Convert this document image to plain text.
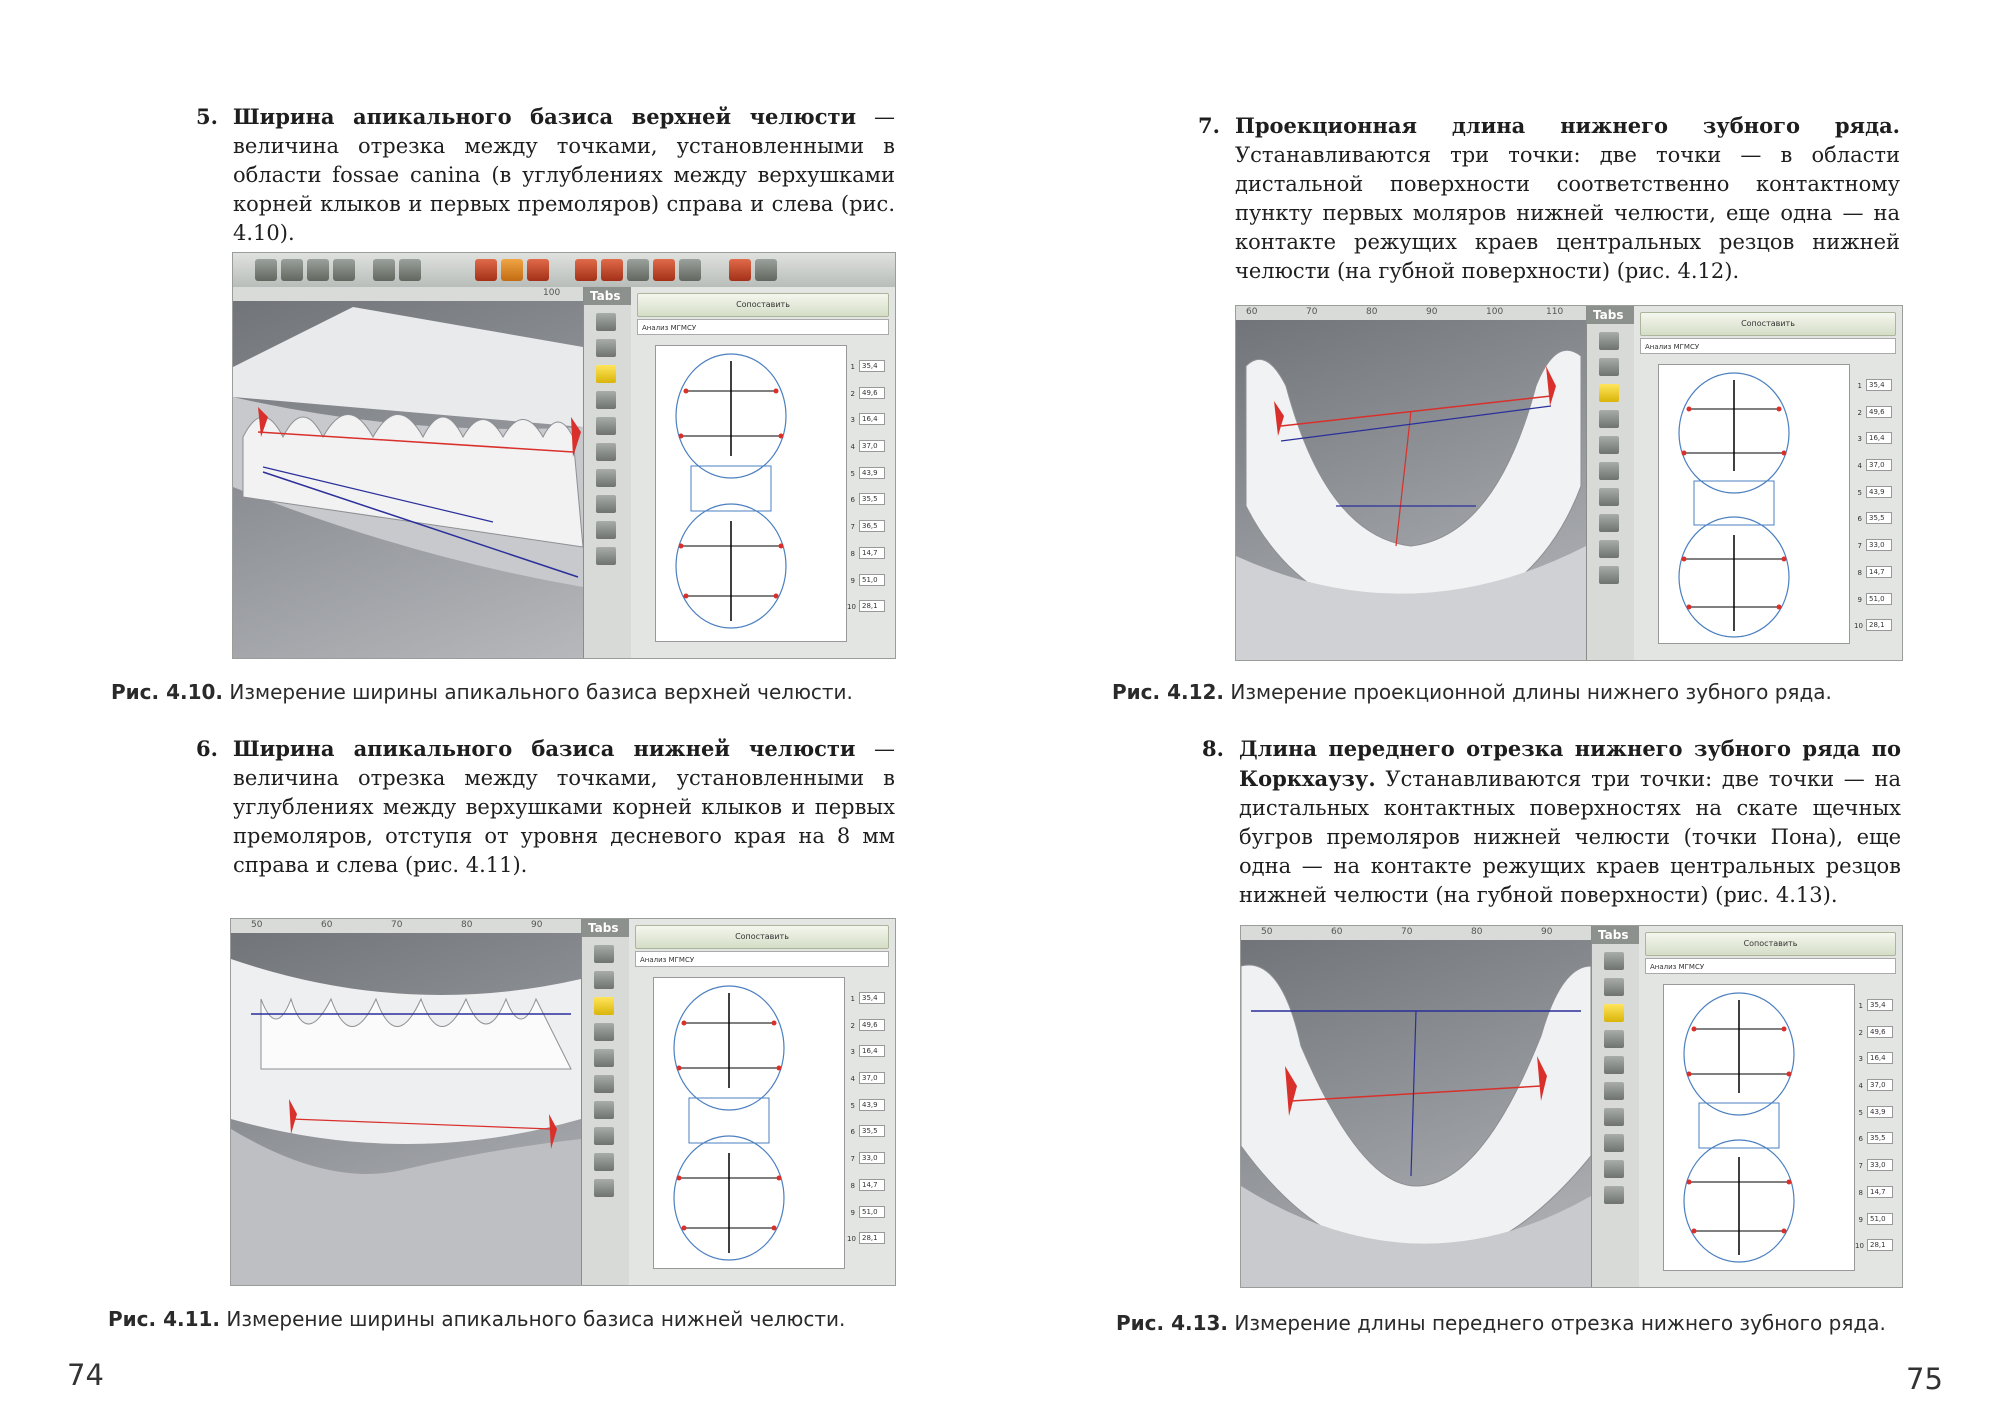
5. Ширина апикального базиса верхней челюсти — величина отрезка между точками, установленными в области fossae canina (в углублениях между верхушками корней клыков и первых премоляров) справа и слева (рис. 4.10).

100 Tabs
Сопоставить
Анализ МГМСУ
1	35,4
2	49,6
3	16,4
4	37,0
5	43,9
6	35,5
7	36,5
8	14,7
9	51,0
10 28,1
Рис. 4.10. Измерение ширины апикального базиса верхней челюсти.
6. Ширина апикального базиса нижней челюсти — величина отрезка между точками, установленными в углублениях между верхушками корней клыков и первых премоляров, отступя от уровня десневого края на 8 мм справа и слева (рис. 4.11).

50	60	70	80	90	Tabs
Сопоставить
Анализ МГМСУ
1	35,4
2	49,6
3	16,4
4	37,0
5	43,9
6	35,5
7	33,0
8	14,7
9	51,0
10 28,1
Рис. 4.11. Измерение ширины апикального базиса нижней челюсти.
74
7. Проекционная длина нижнего зубного ряда. Устанавливаются три точки: две точки — в области дистальной поверхности соответственно контактному пункту первых моляров нижней челюсти, еще одна — на контакте режущих краев центральных резцов нижней челюсти (на губной поверхности) (рис. 4.12).

60	70	80	90	100	110 Tabs
Сопоставить
Анализ МГМСУ
1	35,4
2	49,6
3	16,4
4	37,0
5	43,9
6	35,5
7	33,0
8	14,7
9	51,0
10 28,1
Рис. 4.12. Измерение проекционной длины нижнего зубного ряда.
8. Длина переднего отрезка нижнего зубного ряда по Коркхаузу. Устанавливаются три точки: две точки — на дистальных контактных поверхностях на скате щечных бугров премоляров нижней челюсти (точки Пона), еще одна — на контакте режущих краев центральных резцов нижней челюсти (на губной поверхности) (рис. 4.13).

50	60	70	80	90	Tabs
Сопоставить
Анализ МГМСУ
1	35,4
2	49,6
3	16,4
4	37,0
5	43,9
6	35,5
7	33,0
8	14,7
9	51,0
10 28,1
Рис. 4.13. Измерение длины переднего отрезка нижнего зубного ряда.
75
